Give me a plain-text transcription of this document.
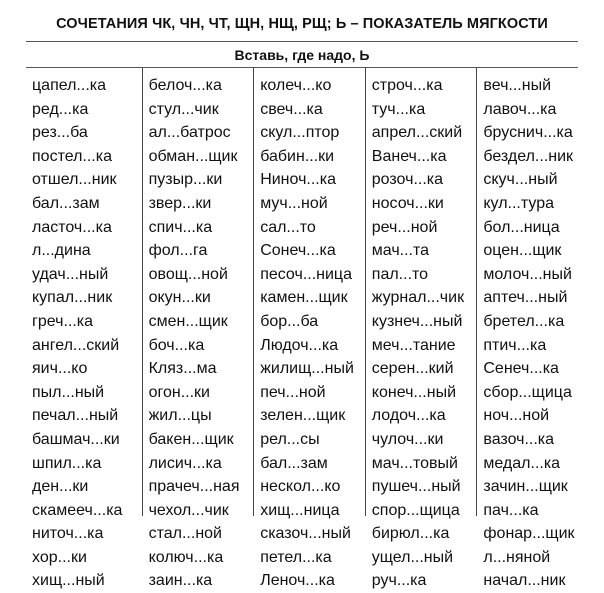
СОЧЕТАНИЯ ЧК, ЧН, ЧТ, ЩН, НЩ, РЩ; Ь – ПОКАЗАТЕЛЬ МЯГКОСТИ
Вставь, где надо, Ь
цапел...ка
ред...ка
рез...ба
постел...ка
отшел...ник
бал...зам
ласточ...ка
л...дина
удач...ный
купал...ник
греч...ка
ангел...ский
яич...ко
пыл...ный
печал...ный
башмач...ки
шпил...ка
ден...ки
скамееч...ка
ниточ...ка
хор...ки
хищ...ный
белоч...ка
стул...чик
ал...батрос
обман...щик
пузыр...ки
звер...ки
спич...ка
фол...га
овощ...ной
окун...ки
смен...щик
боч...ка
Кляз...ма
огон...ки
жил...цы
бакен...щик
лисич...ка
прачеч...ная
чехол...чик
стал...ной
колюч...ка
заин...ка
колеч...ко
свеч...ка
скул...птор
бабин...ки
Ниноч...ка
муч...ной
сал...то
Сонеч...ка
песоч...ница
камен...щик
бор...ба
Людоч...ка
жилищ...ный
печ...ной
зелен...щик
рел...сы
бал...зам
нескол...ко
хищ...ница
сказоч...ный
петел...ка
Леноч...ка
строч...ка
туч...ка
апрел...ский
Ванеч...ка
розоч...ка
носоч...ки
реч...ной
мач...та
пал...то
журнал...чик
кузнеч...ный
меч...тание
серен...кий
конеч...ный
лодоч...ка
чулоч...ки
мач...товый
пушеч...ный
спор...щица
бирюл...ка
ущел...ный
руч...ка
веч...ный
лавоч...ка
бруснич...ка
бездел...ник
скуч...ный
кул...тура
бол...ница
оцен...щик
молоч...ный
аптеч...ный
бретел...ка
птич...ка
Сенеч...ка
сбор...щица
ноч...ной
вазоч...ка
медал...ка
зачин...щик
пач...ка
фонар...щик
л...няной
начал...ник
